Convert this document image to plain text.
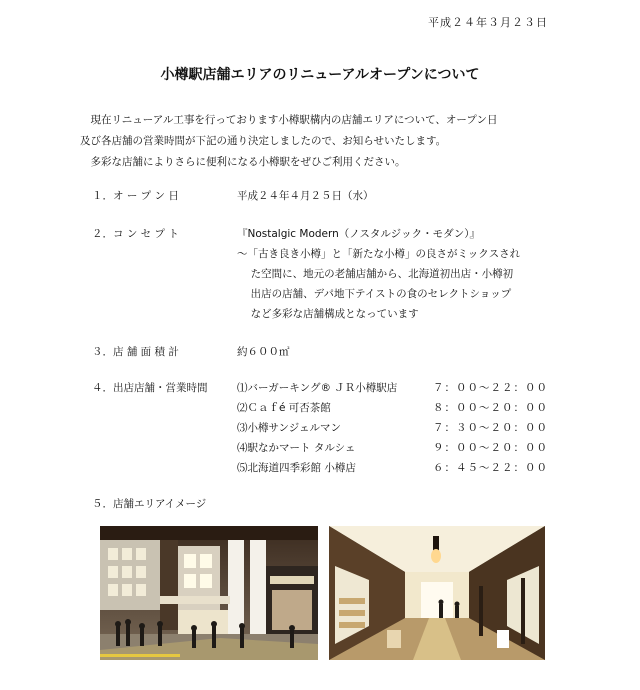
平成２４年３月２３日
小樽駅店舗エリアのリニューアルオープンについて

現在リニューアル工事を行っております小樽駅構内の店舗エリアについて、オープン日

及び各店舗の営業時間が下記の通り決定しましたので、お知らせいたします。

多彩な店舗によりさらに便利になる小樽駅をぜひご利用ください。

１．オ ー プ ン 日	平成２４年４月２５日（水）
２．コ ン セ プ ト	『Nostalgic Modern（ノスタルジック・モダン）』
～「古き良き小樽」と「新たな小樽」の良さがミックスされ
た空間に、地元の老舗店舗から、北海道初出店・小樽初
出店の店舗、デパ地下テイストの食のセレクトショップ
など多彩な店舗構成となっています
３．店 舗 面 積 計	約６００㎡
４．出店店舗・営業時間	⑴バーガーキング® ＪＲ小樽駅店	７：００～２２：００
⑵Ｃａｆé 可否茶館	８：００～２０：００
⑶小樽サンジェルマン	７：３０～２０：００
⑷駅なかマート タルシェ	９：００～２０：００
⑸北海道四季彩館 小樽店	６：４５～２２：００
５．店舗エリアイメージ
